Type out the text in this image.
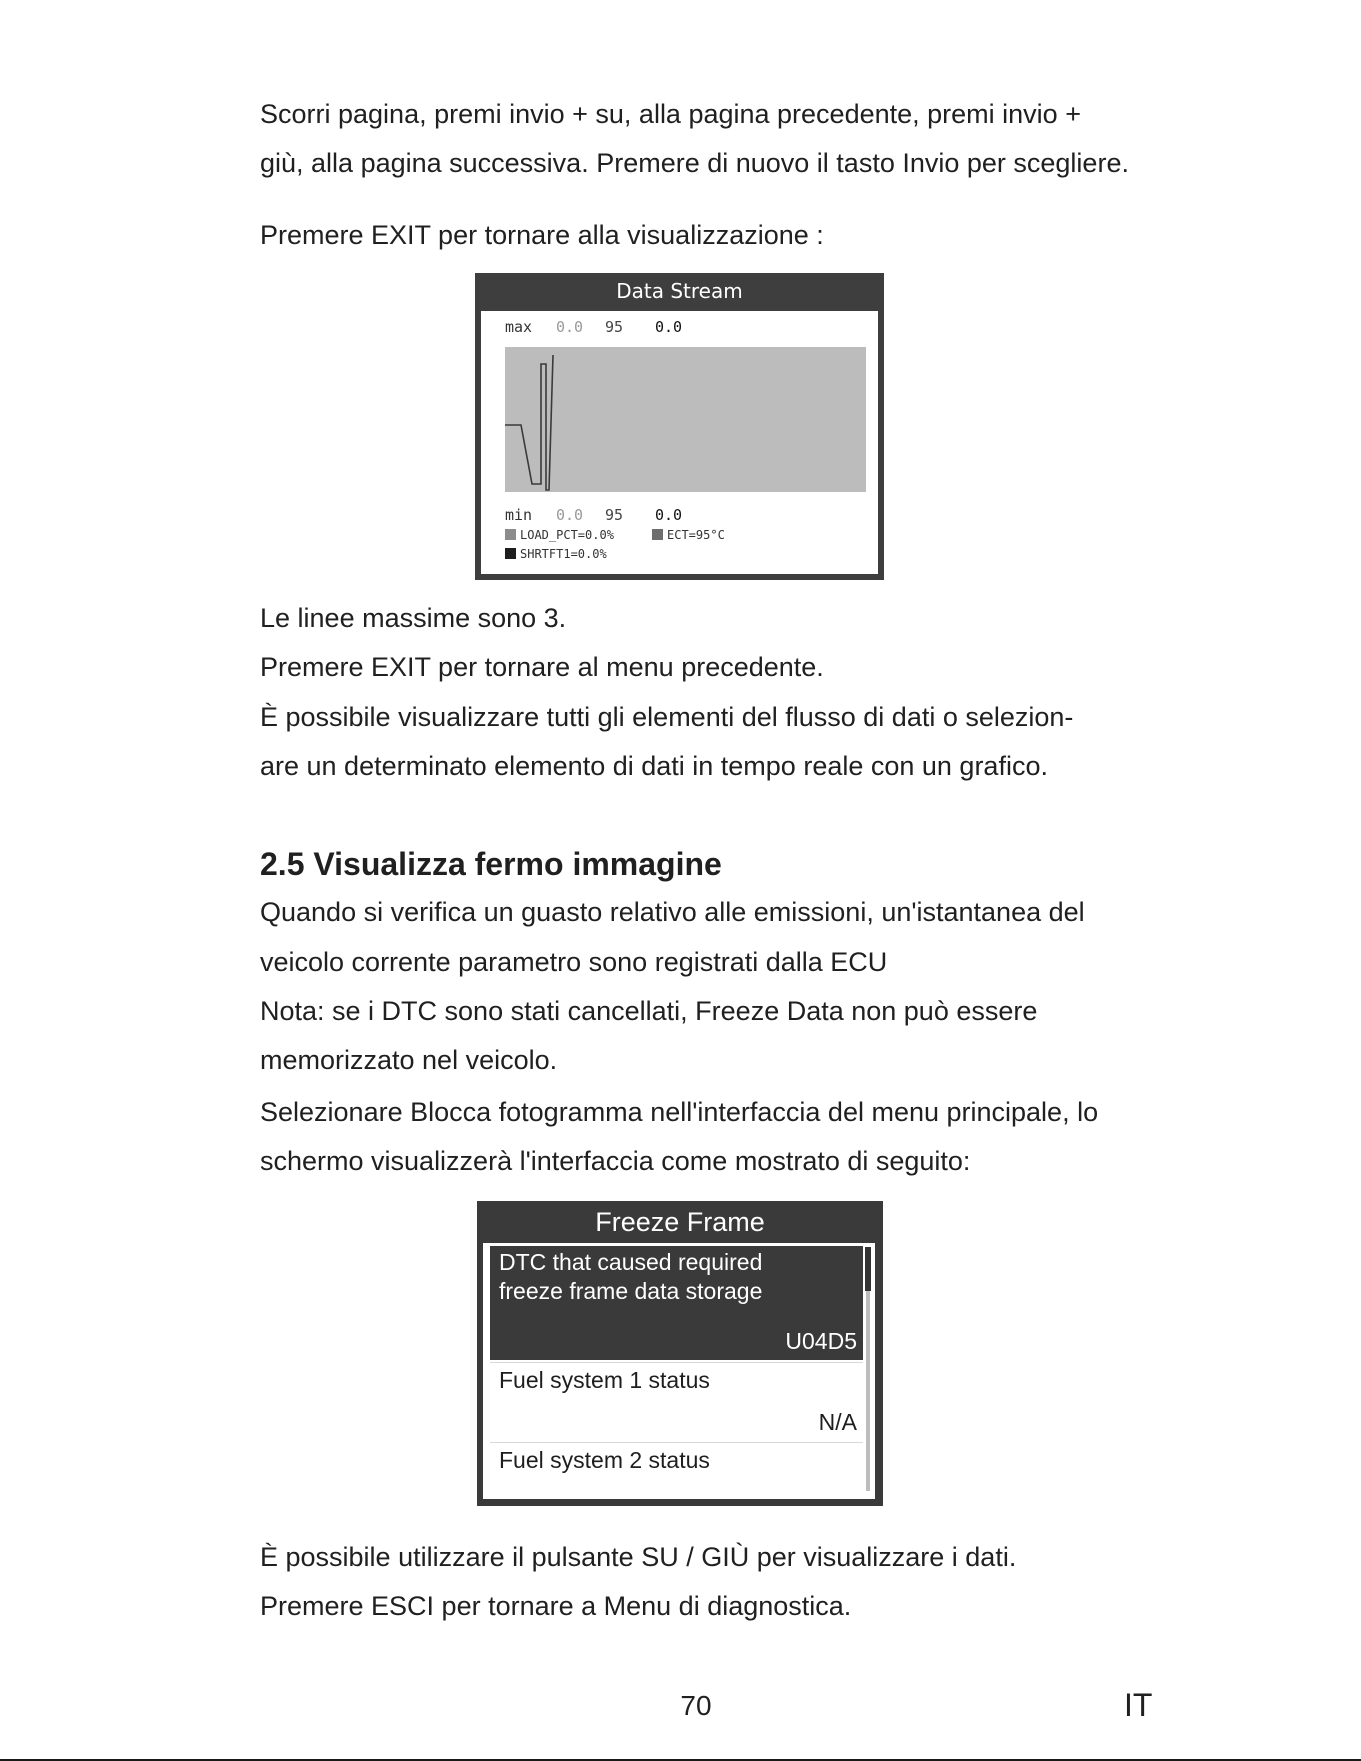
Scorri pagina, premi invio + su, alla pagina precedente, premi invio +

giù, alla pagina successiva. Premere di nuovo il tasto Invio per scegliere.

Premere EXIT per tornare alla visualizzazione :

Data Stream
max 0.0 95 0.0
min 0.0 95 0.0
LOAD_PCT=0.0%	ECT=95°C
SHRTFT1=0.0%

Le linee massime sono 3.

Premere EXIT per tornare al menu precedente.

È possibile visualizzare tutti gli elementi del flusso di dati o selezion-

are un determinato elemento di dati in tempo reale con un grafico.

2.5 Visualizza fermo immagine

Quando si verifica un guasto relativo alle emissioni, un'istantanea del

veicolo corrente parametro sono registrati dalla ECU

Nota: se i DTC sono stati cancellati, Freeze Data non può essere

memorizzato nel veicolo.

Selezionare Blocca fotogramma nell'interfaccia del menu principale, lo

schermo visualizzerà l'interfaccia come mostrato di seguito:

Freeze Frame
DTC that caused required
freeze frame data storage
U04D5
Fuel system 1 status
N/A
Fuel system 2 status

È possibile utilizzare il pulsante SU / GIÙ per visualizzare i dati.

Premere ESCI per tornare a Menu di diagnostica.

70	IT
